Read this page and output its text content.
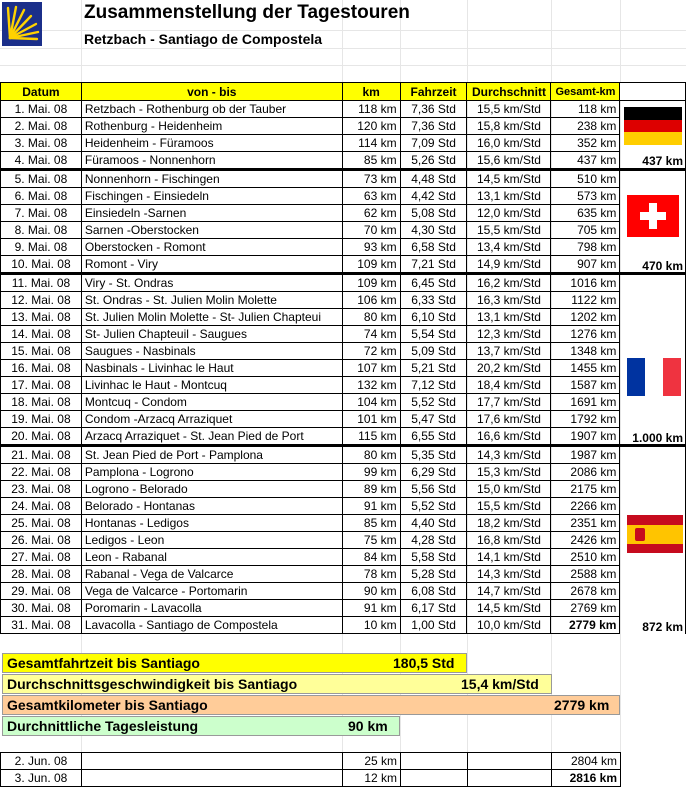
Zusammenstellung der Tagestouren
Retzbach - Santiago de Compostela
Datum	von - bis	km	Fahrzeit	Durchschnitt	Gesamt-km	
1. Mai. 08	Retzbach - Rothenburg ob der Tauber	118 km	7,36 Std	15,5 km/Std	118 km	
2. Mai. 08	Rothenburg - Heidenheim	120 km	7,36 Std	15,8 km/Std	238 km	
3. Mai. 08	Heidenheim - Füramoos	114 km	7,09 Std	16,0 km/Std	352 km	
4. Mai. 08	Füramoos - Nonnenhorn	85 km	5,26 Std	15,6 km/Std	437 km	
5. Mai. 08	Nonnenhorn - Fischingen	73 km	4,48 Std	14,5 km/Std	510 km	
6. Mai. 08	Fischingen - Einsiedeln	63 km	4,42 Std	13,1 km/Std	573 km	
7. Mai. 08	Einsiedeln -Sarnen	62 km	5,08 Std	12,0 km/Std	635 km	
8. Mai. 08	Sarnen -Oberstocken	70 km	4,30 Std	15,5 km/Std	705 km	
9. Mai. 08	Oberstocken - Romont	93 km	6,58 Std	13,4 km/Std	798 km	
10. Mai. 08	Romont - Viry	109 km	7,21 Std	14,9 km/Std	907 km	
11. Mai. 08	Viry - St. Ondras	109 km	6,45 Std	16,2 km/Std	1016 km	
12. Mai. 08	St. Ondras - St. Julien Molin Molette	106 km	6,33 Std	16,3 km/Std	1122 km	
13. Mai. 08	St. Julien Molin Molette - St- Julien Chapteui	80 km	6,10 Std	13,1 km/Std	1202 km	
14. Mai. 08	St- Julien Chapteuil - Saugues	74 km	5,54 Std	12,3 km/Std	1276 km	
15. Mai. 08	Saugues - Nasbinals	72 km	5,09 Std	13,7 km/Std	1348 km	
16. Mai. 08	Nasbinals - Livinhac le Haut	107 km	5,21 Std	20,2 km/Std	1455 km	
17. Mai. 08	Livinhac le Haut - Montcuq	132 km	7,12 Std	18,4 km/Std	1587 km	
18. Mai. 08	Montcuq - Condom	104 km	5,52 Std	17,7 km/Std	1691 km	
19. Mai. 08	Condom -Arzacq Arraziquet	101 km	5,47 Std	17,6 km/Std	1792 km	
20. Mai. 08	Arzacq Arraziquet - St. Jean Pied de Port	115 km	6,55 Std	16,6 km/Std	1907 km	
21. Mai. 08	St. Jean Pied de Port - Pamplona	80 km	5,35 Std	14,3 km/Std	1987 km	
22. Mai. 08	Pamplona - Logrono	99 km	6,29 Std	15,3 km/Std	2086 km	
23. Mai. 08	Logrono - Belorado	89 km	5,56 Std	15,0 km/Std	2175 km	
24. Mai. 08	Belorado - Hontanas	91 km	5,52 Std	15,5 km/Std	2266 km	
25. Mai. 08	Hontanas - Ledigos	85 km	4,40 Std	18,2 km/Std	2351 km	
26. Mai. 08	Ledigos - Leon	75 km	4,28 Std	16,8 km/Std	2426 km	
27. Mai. 08	Leon - Rabanal	84 km	5,58 Std	14,1 km/Std	2510 km	
28. Mai. 08	Rabanal - Vega de Valcarce	78 km	5,28 Std	14,3 km/Std	2588 km	
29. Mai. 08	Vega de Valcarce - Portomarin	90 km	6,08 Std	14,7 km/Std	2678 km	
30. Mai. 08	Poromarin - Lavacolla	91 km	6,17 Std	14,5 km/Std	2769 km	
31. Mai. 08	Lavacolla - Santiago de Compostela	10 km	1,00 Std	10,0 km/Std	2779 km	
437 km
470 km
1.000 km
872 km
Gesamtfahrtzeit bis Santiago	180,5 Std
Durchschnittsgeschwindigkeit bis Santiago	15,4 km/Std
Gesamtkilometer bis Santiago	2779 km
Durchnittliche Tagesleistung	90 km
2. Jun. 08		25 km			2804 km
3. Jun. 08		12 km			2816 km
